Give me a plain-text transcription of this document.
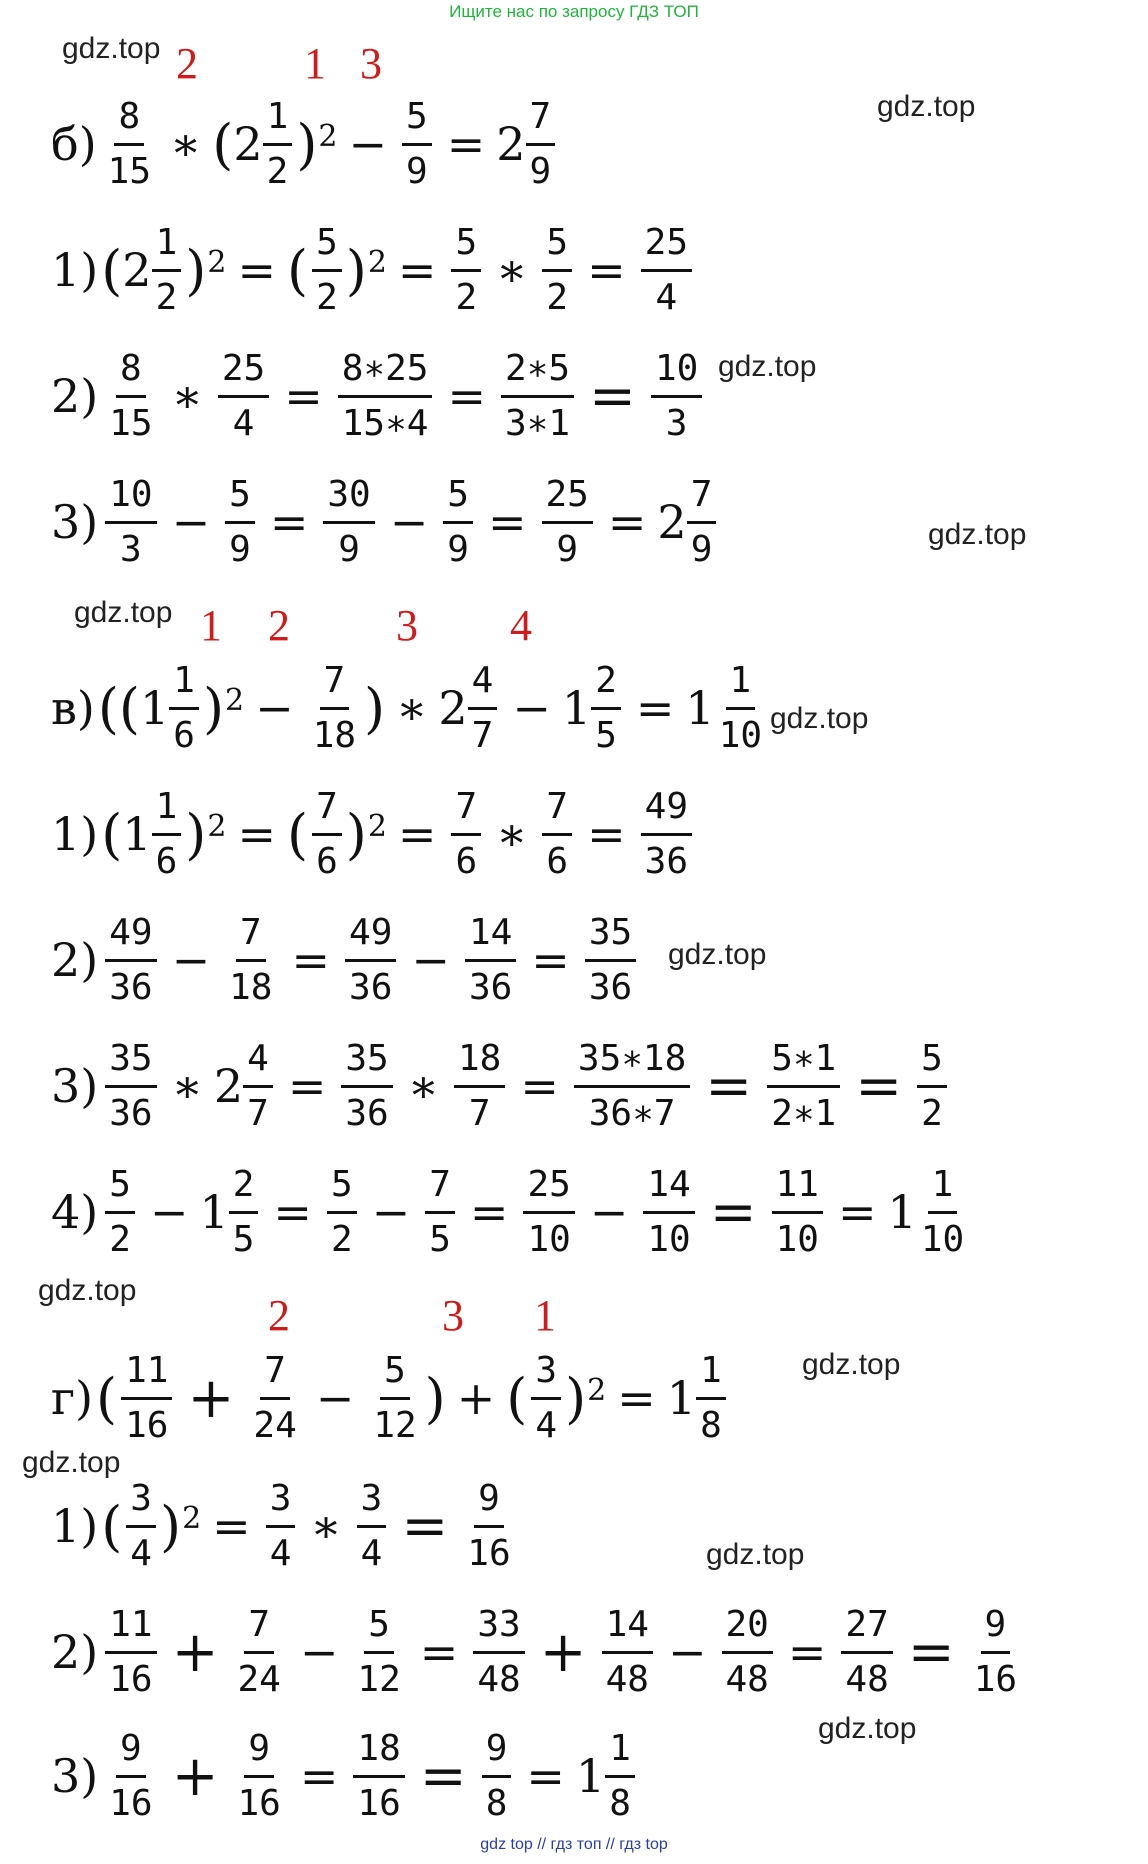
Ищите нас по запросу ГДЗ ТОП
gdz.top
gdz.top
gdz.top
gdz.top
gdz.top
gdz.top
gdz.top
gdz.top
gdz.top
gdz.top
gdz.top
gdz.top
2 1 3
1 2 3 4
2	3 1
$б) \frac{8}{15}$ ∗ ( $2 \frac{1}{2} )^2 - \frac{5}{9} = 2 \frac{7}{9}$
1) ( $2 \frac{1}{2} )^2$ = ( $\frac{5}{2} )^2 = \frac{5}{2}$ ∗ $\frac{5}{2} = \frac{25}{4}$
$2) \frac{8}{15}$ ∗ $\frac{25}{4} = \frac{8∗25}{15∗4} = \frac{2∗5}{3∗1} = \frac{10}{3}$
$3) \frac{10}{3} - \frac{5}{9} = \frac{30}{9} - \frac{5}{9} = \frac{25}{9} = 2 \frac{7}{9}$
в) ( ( $1 \frac{1}{6} )^2 - \frac{7}{18}$ ) ∗ $2 \frac{4}{7} - 1 \frac{2}{5} = 1 \frac{1}{10}$
1) ( $1 \frac{1}{6} )^2$ = ( $\frac{7}{6} )^2 = \frac{7}{6}$ ∗ $\frac{7}{6} = \frac{49}{36}$
$2) \frac{49}{36} - \frac{7}{18} = \frac{49}{36} - \frac{14}{36} = \frac{35}{36}$
$3) \frac{35}{36}$ ∗ $2 \frac{4}{7} = \frac{35}{36}$ ∗ $\frac{18}{7} = \frac{35∗18}{36∗7} = \frac{5∗1}{2∗1} = \frac{5}{2}$
$4) \frac{5}{2} - 1 \frac{2}{5} = \frac{5}{2} - \frac{7}{5} = \frac{25}{10} - \frac{14}{10} = \frac{11}{10} = 1 \frac{1}{10}$
г) ( $\frac{11}{16} + \frac{7}{24} - \frac{5}{12}$ ) + ( $\frac{3}{4} )^2 = 1 \frac{1}{8}$
1) ( $\frac{3}{4} )^2 = \frac{3}{4}$ ∗ $\frac{3}{4} = \frac{9}{16}$
$2) \frac{11}{16} + \frac{7}{24} - \frac{5}{12} = \frac{33}{48} + \frac{14}{48} - \frac{20}{48} = \frac{27}{48} = \frac{9}{16}$
$3) \frac{9}{16} + \frac{9}{16} = \frac{18}{16} = \frac{9}{8} = 1 \frac{1}{8}$
gdz top // гдз топ // гдз top
